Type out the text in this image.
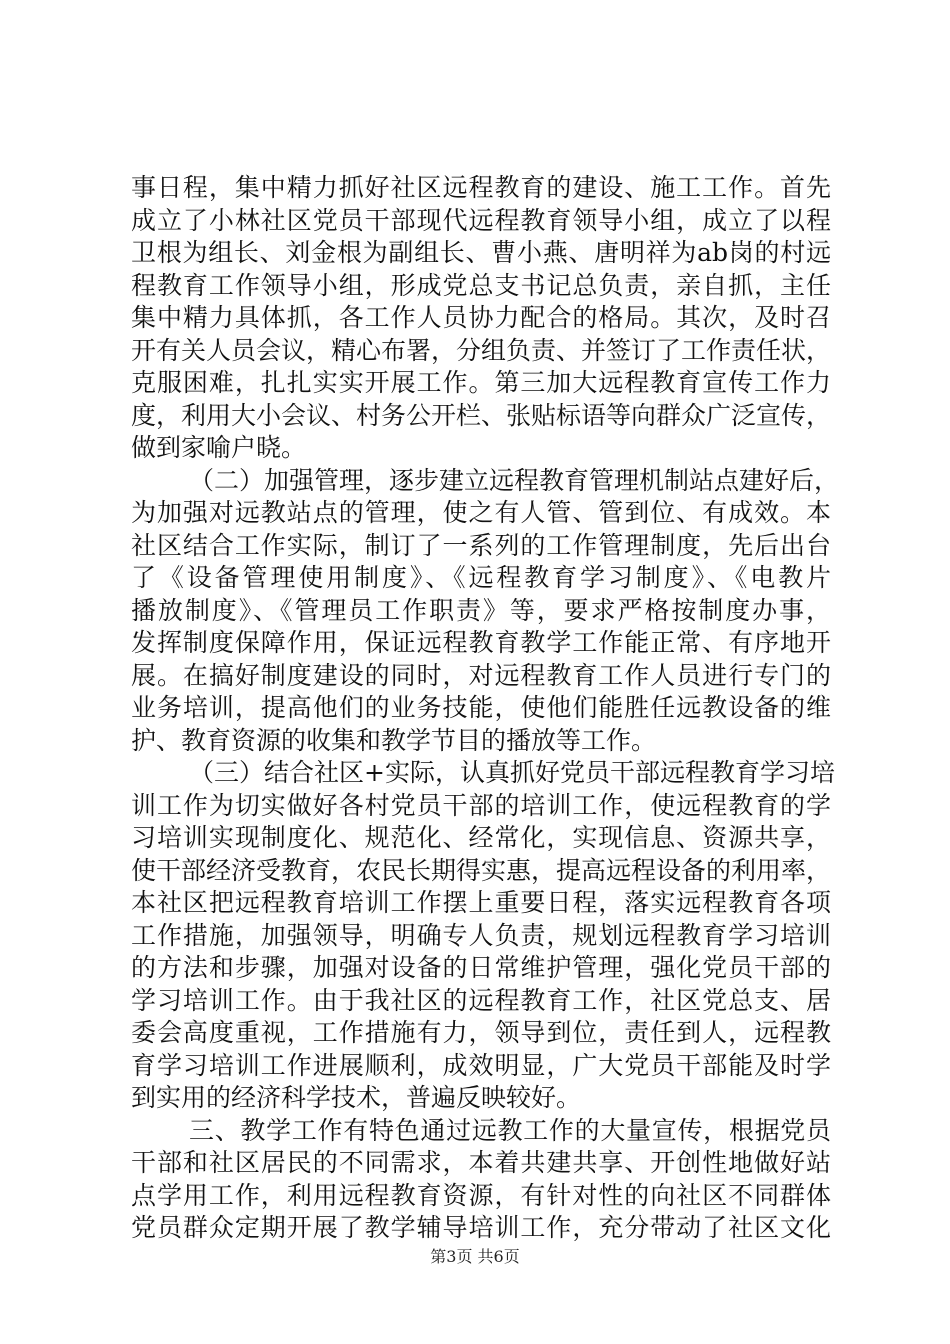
事日程，集中精力抓好社区远程教育的建设、施工工作。首先
成立了小林社区党员干部现代远程教育领导小组，成立了以程
卫根为组长、刘金根为副组长、曹小燕、唐明祥为ab岗的村远
程教育工作领导小组，形成党总支书记总负责，亲自抓，主任
集中精力具体抓，各工作人员协力配合的格局。其次，及时召
开有关人员会议，精心布署，分组负责、并签订了工作责任状，
克服困难，扎扎实实开展工作。第三加大远程教育宣传工作力
度，利用大小会议、村务公开栏、张贴标语等向群众广泛宣传，
做到家喻户晓。
（二）加强管理，逐步建立远程教育管理机制站点建好后，
为加强对远教站点的管理，使之有人管、管到位、有成效。本
社区结合工作实际，制订了一系列的工作管理制度，先后出台
了《设备管理使用制度》、《远程教育学习制度》、《电教片
播放制度》、《管理员工作职责》等，要求严格按制度办事，
发挥制度保障作用，保证远程教育教学工作能正常、有序地开
展。在搞好制度建设的同时，对远程教育工作人员进行专门的
业务培训，提高他们的业务技能，使他们能胜任远教设备的维
护、教育资源的收集和教学节目的播放等工作。
（三）结合社区+实际，认真抓好党员干部远程教育学习培
训工作为切实做好各村党员干部的培训工作，使远程教育的学
习培训实现制度化、规范化、经常化，实现信息、资源共享，
使干部经济受教育，农民长期得实惠，提高远程设备的利用率，
本社区把远程教育培训工作摆上重要日程，落实远程教育各项
工作措施，加强领导，明确专人负责，规划远程教育学习培训
的方法和步骤，加强对设备的日常维护管理，强化党员干部的
学习培训工作。由于我社区的远程教育工作，社区党总支、居
委会高度重视，工作措施有力，领导到位，责任到人，远程教
育学习培训工作进展顺利，成效明显，广大党员干部能及时学
到实用的经济科学技术，普遍反映较好。
三、教学工作有特色通过远教工作的大量宣传，根据党员
干部和社区居民的不同需求，本着共建共享、开创性地做好站
点学用工作，利用远程教育资源，有针对性的向社区不同群体
党员群众定期开展了教学辅导培训工作，充分带动了社区文化
第3页 共6页
